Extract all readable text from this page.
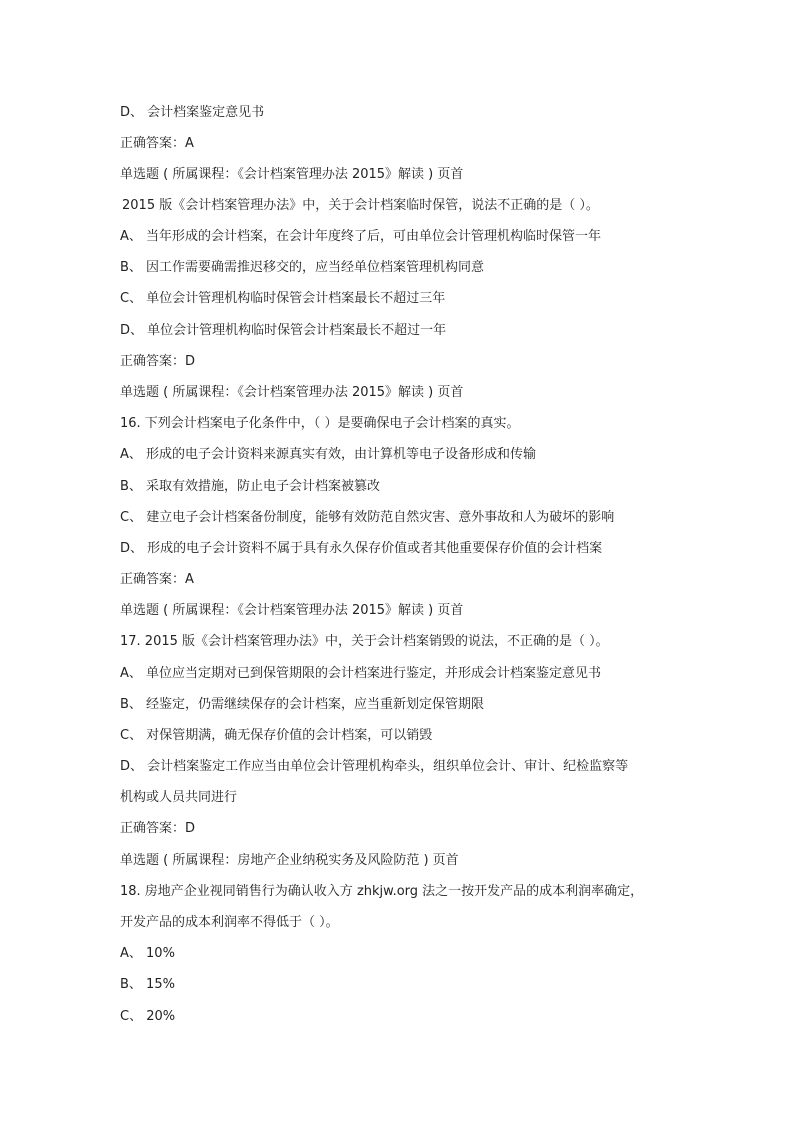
D、 会计档案鉴定意见书
正确答案：A
单选题 ( 所属课程：《会计档案管理办法 2015》解读 ) 页首
2015 版《会计档案管理办法》中，关于会计档案临时保管，说法不正确的是（ ）。
A、 当年形成的会计档案，在会计年度终了后，可由单位会计管理机构临时保管一年
B、 因工作需要确需推迟移交的，应当经单位档案管理机构同意
C、 单位会计管理机构临时保管会计档案最长不超过三年
D、 单位会计管理机构临时保管会计档案最长不超过一年
正确答案：D
单选题 ( 所属课程：《会计档案管理办法 2015》解读 ) 页首
16. 下列会计档案电子化条件中，（ ）是要确保电子会计档案的真实。
A、 形成的电子会计资料来源真实有效，由计算机等电子设备形成和传输
B、 采取有效措施，防止电子会计档案被篡改
C、 建立电子会计档案备份制度，能够有效防范自然灾害、意外事故和人为破坏的影响
D、 形成的电子会计资料不属于具有永久保存价值或者其他重要保存价值的会计档案
正确答案：A
单选题 ( 所属课程：《会计档案管理办法 2015》解读 ) 页首
17. 2015 版《会计档案管理办法》中，关于会计档案销毁的说法，不正确的是（ ）。
A、 单位应当定期对已到保管期限的会计档案进行鉴定，并形成会计档案鉴定意见书
B、 经鉴定，仍需继续保存的会计档案，应当重新划定保管期限
C、 对保管期满，确无保存价值的会计档案，可以销毁
D、 会计档案鉴定工作应当由单位会计管理机构牵头，组织单位会计、审计、纪检监察等
机构或人员共同进行
正确答案：D
单选题 ( 所属课程：房地产企业纳税实务及风险防范 ) 页首
18. 房地产企业视同销售行为确认收入方 zhkjw.org 法之一按开发产品的成本利润率确定，
开发产品的成本利润率不得低于（ ）。
A、 10%
B、 15%
C、 20%
